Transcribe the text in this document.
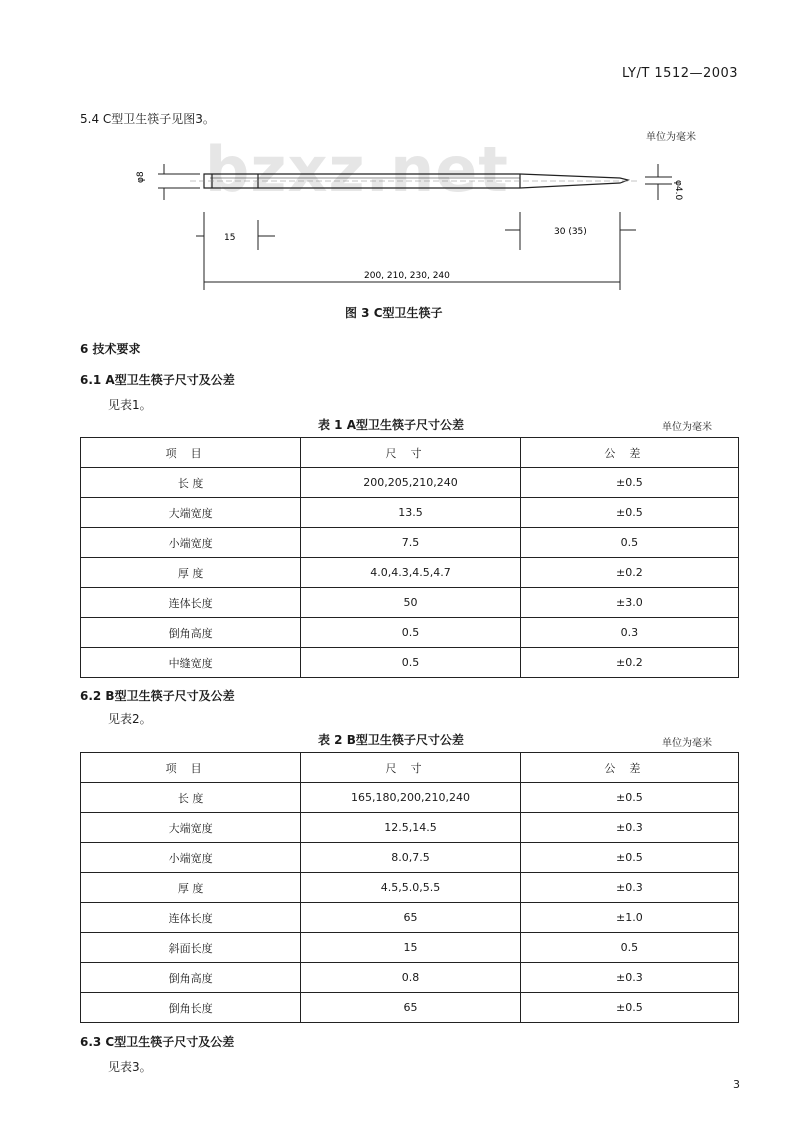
LY/T 1512—2003
5.4 C型卫生筷子见图3。
单位为毫米
bzxz.net
φ8
φ4.0
15
30 (35)
200, 210, 230, 240
图 3 C型卫生筷子
6 技术要求
6.1 A型卫生筷子尺寸及公差
见表1。
表 1 A型卫生筷子尺寸公差	单位为毫米
项目	尺寸	公差
长 度	200,205,210,240	±0.5
大端宽度	13.5	±0.5
小端宽度	7.5	0.5
厚 度	4.0,4.3,4.5,4.7	±0.2
连体长度	50	±3.0
倒角高度	0.5	0.3
中缝宽度	0.5	±0.2
6.2 B型卫生筷子尺寸及公差
见表2。
表 2 B型卫生筷子尺寸公差	单位为毫米
项目	尺寸	公差
长 度	165,180,200,210,240	±0.5
大端宽度	12.5,14.5	±0.3
小端宽度	8.0,7.5	±0.5
厚 度	4.5,5.0,5.5	±0.3
连体长度	65	±1.0
斜面长度	15	0.5
倒角高度	0.8	±0.3
倒角长度	65	±0.5
6.3 C型卫生筷子尺寸及公差
见表3。
3
